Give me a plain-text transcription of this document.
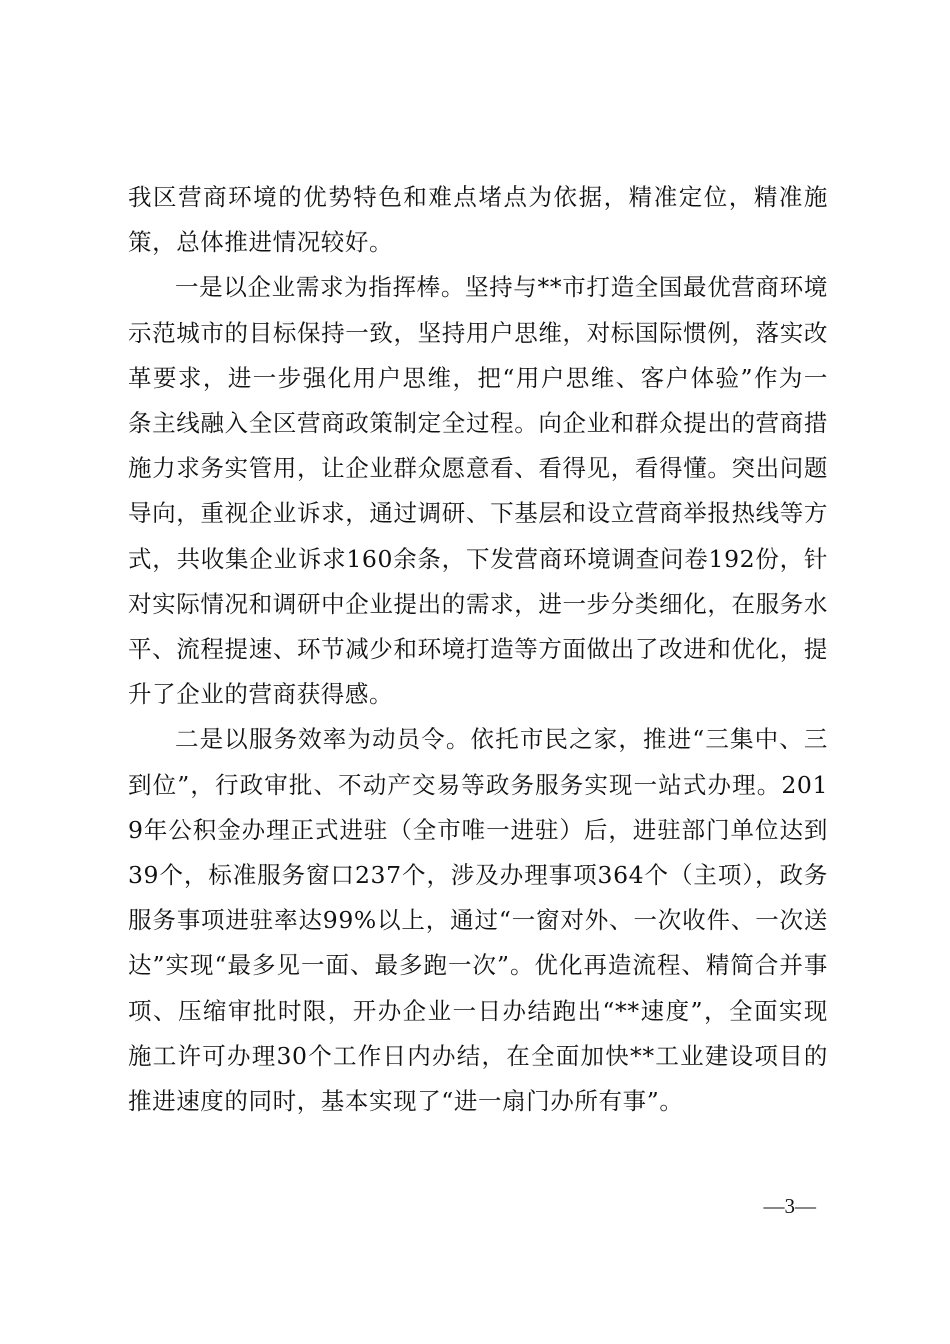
我区营商环境的优势特色和难点堵点为依据，精准定位，精准施策，总体推进情况较好。

一是以企业需求为指挥棒。坚持与**市打造全国最优营商环境示范城市的目标保持一致，坚持用户思维，对标国际惯例，落实改革要求，进一步强化用户思维，把“用户思维、客户体验”作为一条主线融入全区营商政策制定全过程。向企业和群众提出的营商措施力求务实管用，让企业群众愿意看、看得见，看得懂。突出问题导向，重视企业诉求，通过调研、下基层和设立营商举报热线等方式，共收集企业诉求160余条，下发营商环境调查问卷192份，针对实际情况和调研中企业提出的需求，进一步分类细化，在服务水平、流程提速、环节减少和环境打造等方面做出了改进和优化，提升了企业的营商获得感。

二是以服务效率为动员令。依托市民之家，推进“三集中、三到位”，行政审批、不动产交易等政务服务实现一站式办理。2019年公积金办理正式进驻（全市唯一进驻）后，进驻部门单位达到39个，标准服务窗口237个，涉及办理事项364个（主项），政务服务事项进驻率达99%以上，通过“一窗对外、一次收件、一次送达”实现“最多见一面、最多跑一次”。优化再造流程、精简合并事项、压缩审批时限，开办企业一日办结跑出“**速度”，全面实现施工许可办理30个工作日内办结，在全面加快**工业建设项目的推进速度的同时，基本实现了“进一扇门办所有事”。

—3—
